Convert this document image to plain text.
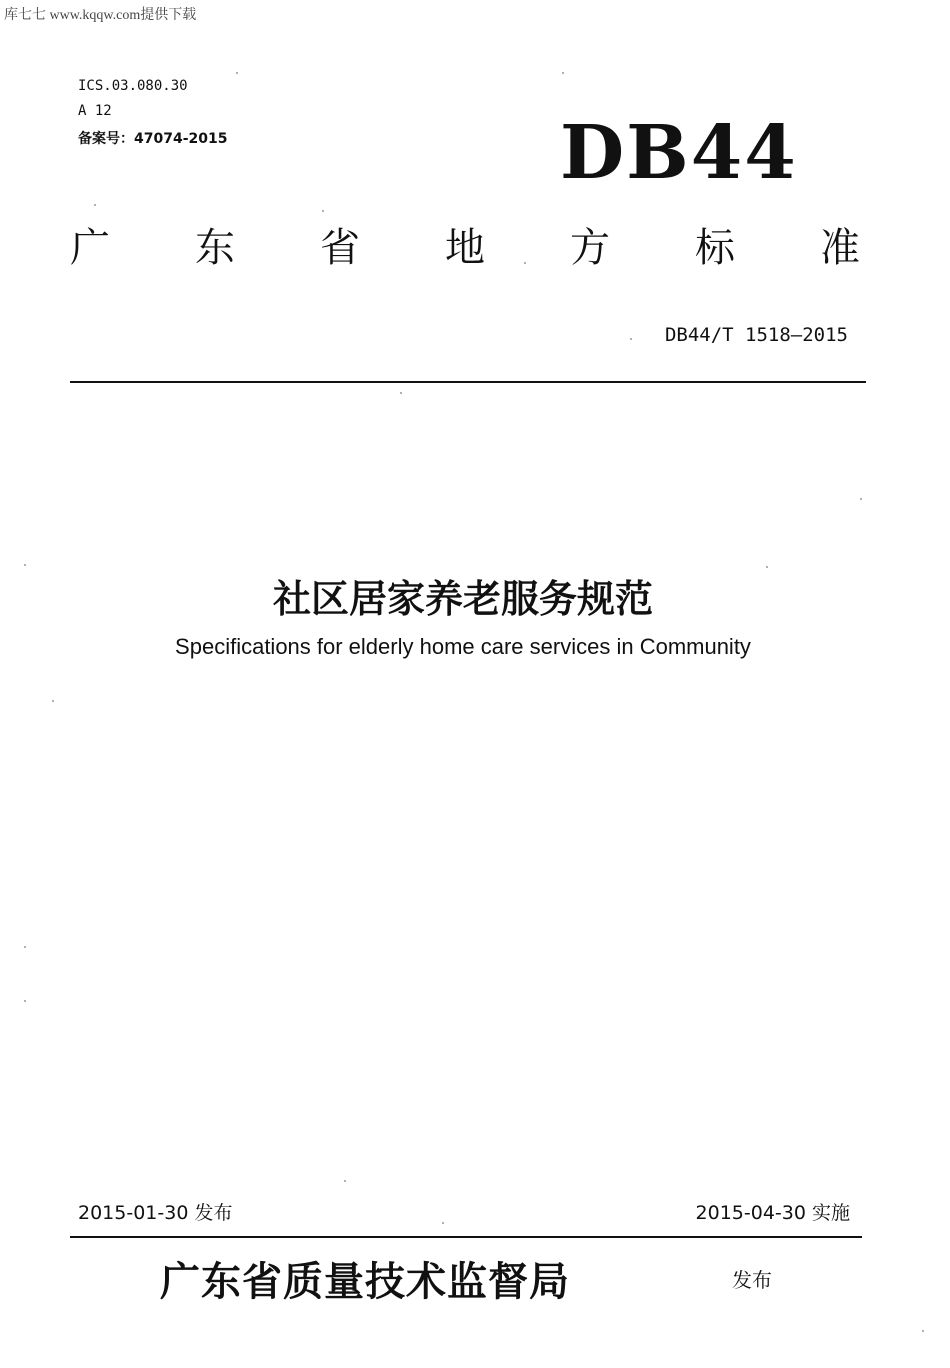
库七七 www.kqqw.com提供下载
ICS.03.080.30
A 12
备案号：47074-2015	DB44
广 东 省 地 方 标 准
DB44/T 1518—2015
社区居家养老服务规范
Specifications for elderly home care services in Community
2015-01-30 发布	2015-04-30 实施
广东省质量技术监督局	发布
